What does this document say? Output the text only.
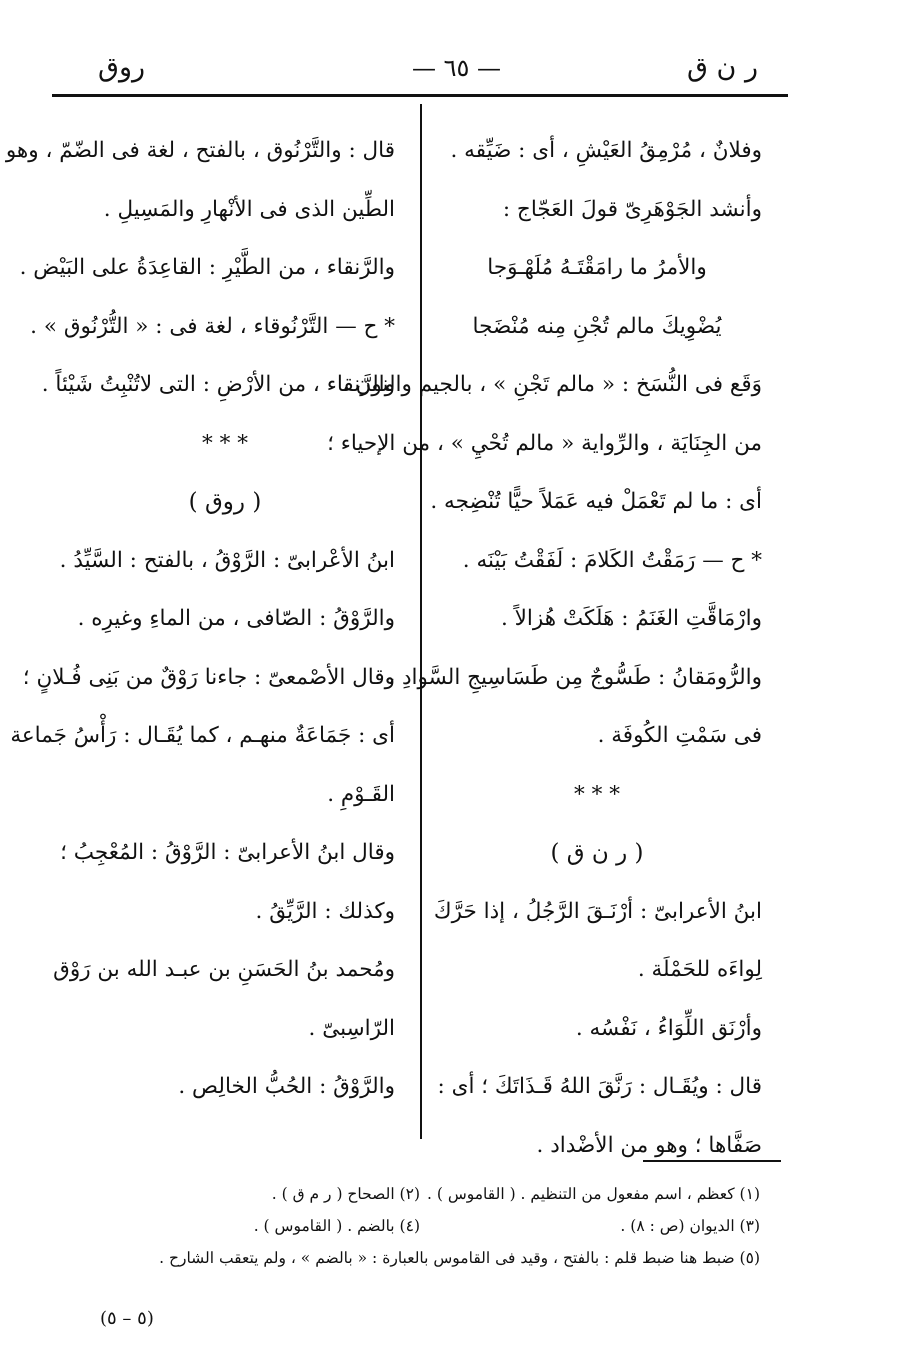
ر ن ق
— ٦٥ —
روق
وفلانٌ ، مُرْمِقُ العَيْشِ ، أى : ضَيِّقه .
وأنشد الجَوْهَرِىّ قولَ العَجّاج :
والأمرُ ما رامَقْتَـهُ مُلَهْـوَجا
يُضْوِيكَ مالم تُجْنِ مِنه مُنْضَجا
وَقَع فى النُّسَخ : « مالم تَجْنِ » ، بالجيم والنون ،
من الجِنَايَة ، والرِّواية « مالم تُحْيِ » ، من الإحياء ؛
أى : ما لم تَعْمَلْ فيه عَمَلاً حيًّا تُنْضِجه .
* ح — رَمَقْتُ الكَلامَ : لَفَقْتُ بَيْنَه .
وارْمَاقَّتِ الغَنَمُ : هَلَكَتْ هُزالاً .
والرُّومَقانُ : طَسُّوجٌ مِن طَسَاسِيجِ السَّوادِ ،
فى سَمْتِ الكُوفَة .
* * *
( ر ن ق )
ابنُ الأعرابىّ : أرْنَـقَ الرَّجُلُ ، إذا حَرَّكَ
لِواءَه للحَمْلَة .
وأرْنَق اللِّوَاءُ ، نَفْسُه .
قال : ويُقَـال : رَنَّقَ اللهُ قَـذَاتَكَ ؛ أى :
صَفَّاها ؛ وهو من الأضْداد .
قال : والتَّرْنُوق ، بالفتح ، لغة فى الضّمّ ، وهو
الطِّين الذى فى الأنْهارِ والمَسِيلِ .
والرَّنقاء ، من الطَّيْرِ : القاعِدَةُ على البَيْض .
* ح — التَّرْنُوقاء ، لغة فى : « التُّرْنُوق » .
والرَّنقاء ، من الأرْضِ : التى لاتُنْبِتُ شَيْئاً .
* * *
( روق )
ابنُ الأعْرابىّ : الرَّوْقُ ، بالفتح : السَّيِّدُ .
والرَّوْقُ : الصّافى ، من الماءِ وغيرِه .
وقال الأصْمعىّ : جاءنا رَوْقٌ من بَنِى فُـلانٍ ؛
أى : جَمَاعَةٌ منهـم ، كما يُقَـال : رَأْسُ جَماعة
القَـوْمِ .
وقال ابنُ الأعرابىّ : الرَّوْقُ : المُعْجِبُ ؛
وكذلك : الرَّيِّقُ .
ومُحمد بنُ الحَسَنِ بن عبـد الله بن رَوْق
الرّاسِبىّ .
والرَّوْقُ : الحُبُّ الخالِص .
(١) كعظم ، اسم مفعول من التنظيم . ( القاموس ) .
(٢) الصحاح ( ر م ق ) .
(٣) الديوان (ص : ٨) .
(٤) بالضم . ( القاموس ) .
(٥) ضبط هنا ضبط قلم : بالفتح ، وقيد فى القاموس بالعبارة : « بالضم » ، ولم يتعقب الشارح .
(٥ – ٥)
